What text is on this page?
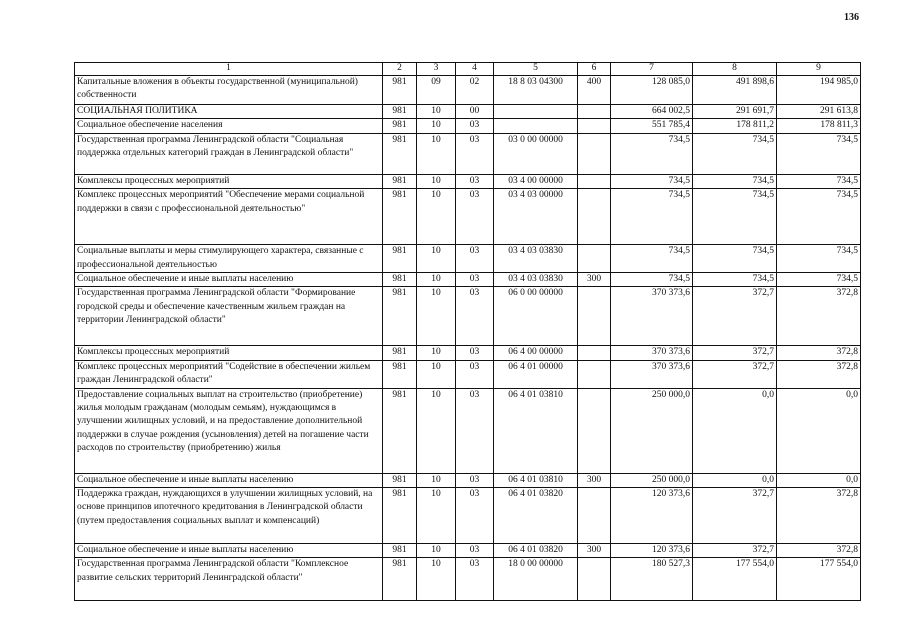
136
1	2	3	4	5	6	7	8	9
Капитальные вложения в объекты государственной (муниципальной) собственности	981	09	02	18 8 03 04300	400	128 085,0	491 898,6	194 985,0
СОЦИАЛЬНАЯ ПОЛИТИКА	981	10	00			664 002,5	291 691,7	291 613,8
Социальное обеспечение населения	981	10	03			551 785,4	178 811,2	178 811,3
Государственная программа Ленинградской области "Социальная поддержка отдельных категорий граждан в Ленинградской области"	981	10	03	03 0 00 00000		734,5	734,5	734,5
Комплексы процессных мероприятий	981	10	03	03 4 00 00000		734,5	734,5	734,5
Комплекс процессных мероприятий "Обеспечение мерами социальной поддержки в связи с профессиональной деятельностью"	981	10	03	03 4 03 00000		734,5	734,5	734,5
Социальные выплаты и меры стимулирующего характера, связанные с профессиональной деятельностью	981	10	03	03 4 03 03830		734,5	734,5	734,5
Социальное обеспечение и иные выплаты населению	981	10	03	03 4 03 03830	300	734,5	734,5	734,5
Государственная программа Ленинградской области "Формирование городской среды и обеспечение качественным жильем граждан на территории Ленинградской области"	981	10	03	06 0 00 00000		370 373,6	372,7	372,8
Комплексы процессных мероприятий	981	10	03	06 4 00 00000		370 373,6	372,7	372,8
Комплекс процессных мероприятий "Содействие в обеспечении жильем граждан Ленинградской области"	981	10	03	06 4 01 00000		370 373,6	372,7	372,8
Предоставление социальных выплат на строительство (приобретение) жилья молодым гражданам (молодым семьям), нуждающимся в улучшении жилищных условий, и на предоставление дополнительной поддержки в случае рождения (усыновления) детей на погашение части расходов по строительству (приобретению) жилья	981	10	03	06 4 01 03810		250 000,0	0,0	0,0
Социальное обеспечение и иные выплаты населению	981	10	03	06 4 01 03810	300	250 000,0	0,0	0,0
Поддержка граждан, нуждающихся в улучшении жилищных условий, на основе принципов ипотечного кредитования в Ленинградской области (путем предоставления социальных выплат и компенсаций)	981	10	03	06 4 01 03820		120 373,6	372,7	372,8
Социальное обеспечение и иные выплаты населению	981	10	03	06 4 01 03820	300	120 373,6	372,7	372,8
Государственная программа Ленинградской области "Комплексное развитие сельских территорий Ленинградской области"	981	10	03	18 0 00 00000		180 527,3	177 554,0	177 554,0
